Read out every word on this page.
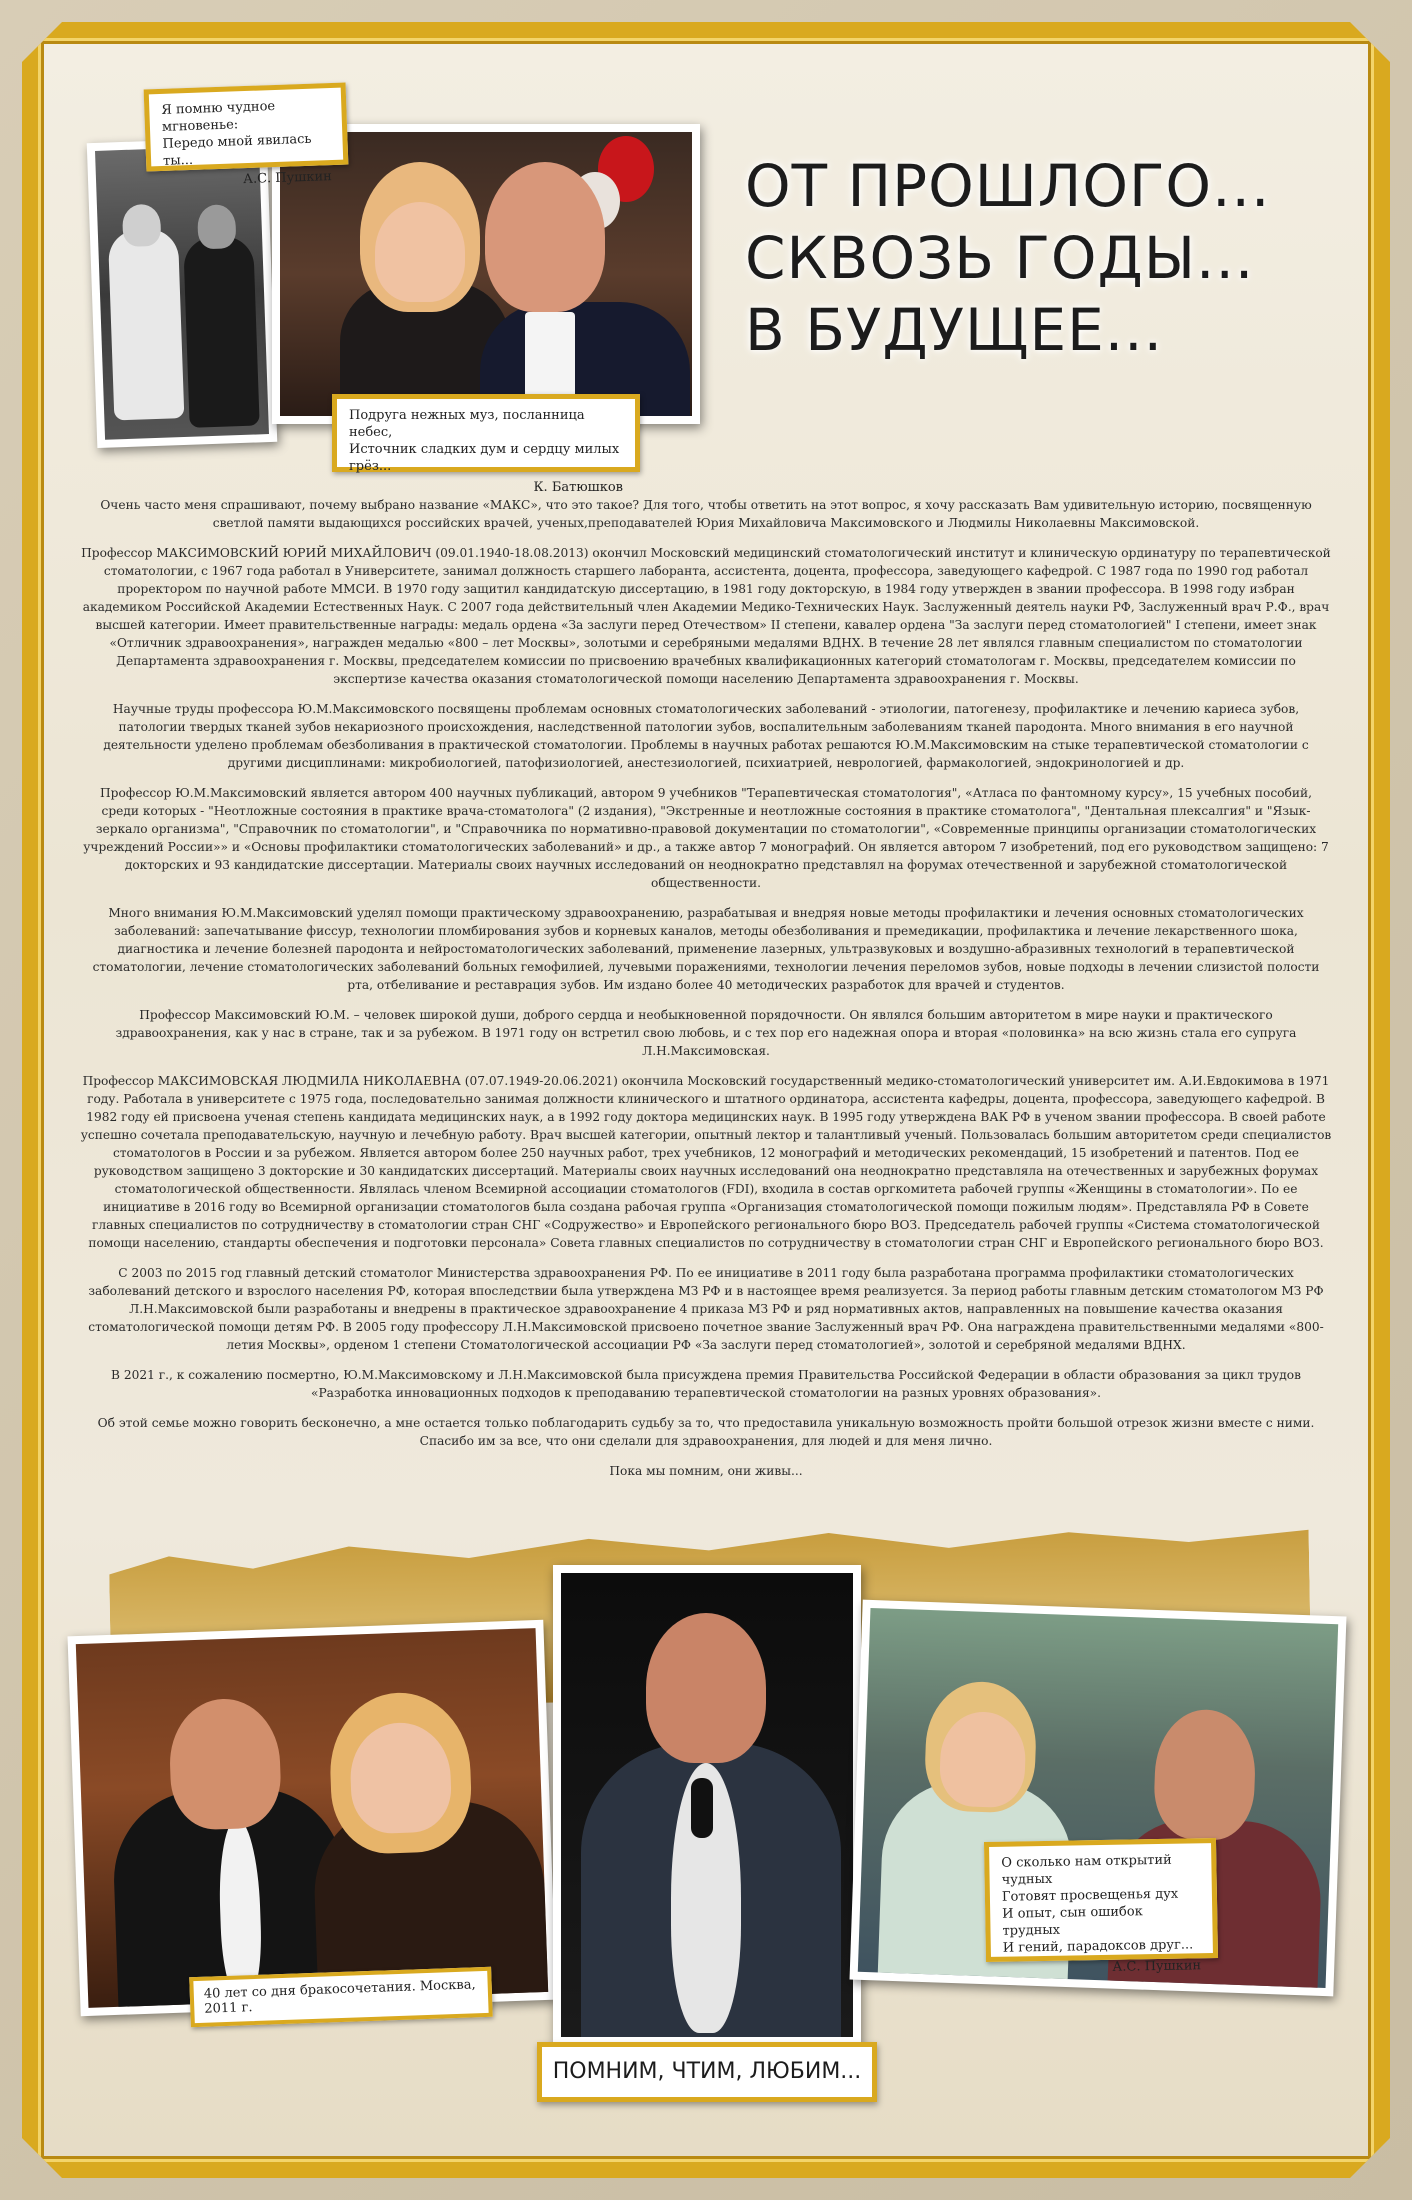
Я помню чудное мгновенье:
Передо мной явилась ты...
А.С. Пушкин
Подруга нежных муз, посланница небес,
Источник сладких дум и сердцу милых грёз...
К. Батюшков
ОТ ПРОШЛОГО...
СКВОЗЬ ГОДЫ...
В БУДУЩЕЕ...

Очень часто меня спрашивают, почему выбрано название «МАКС», что это такое? Для того, чтобы ответить на этот вопрос, я хочу рассказать Вам удивительную историю, посвященную светлой памяти выдающихся российских врачей, ученых,преподавателей Юрия Михайловича Максимовского и Людмилы Николаевны Максимовской.

Профессор МАКСИМОВСКИЙ ЮРИЙ МИХАЙЛОВИЧ (09.01.1940-18.08.2013) окончил Московский медицинский стоматологический институт и клиническую ординатуру по терапевтической стоматологии, с 1967 года работал в Университете, занимал должность старшего лаборанта, ассистента, доцента, профессора, заведующего кафедрой. С 1987 года по 1990 год работал проректором по научной работе ММСИ. В 1970 году защитил кандидатскую диссертацию, в 1981 году докторскую, в 1984 году утвержден в звании профессора. В 1998 году избран академиком Российской Академии Естественных Наук. С 2007 года действительный член Академии Медико-Технических Наук. Заслуженный деятель науки РФ, Заслуженный врач Р.Ф., врач высшей категории. Имеет правительственные награды: медаль ордена «За заслуги перед Отечеством» II степени, кавалер ордена "За заслуги перед стоматологией" I степени, имеет знак «Отличник здравоохранения», награжден медалью «800 – лет Москвы», золотыми и серебряными медалями ВДНХ. В течение 28 лет являлся главным специалистом по стоматологии Департамента здравоохранения г. Москвы, председателем комиссии по присвоению врачебных квалификационных категорий стоматологам г. Москвы, председателем комиссии по экспертизе качества оказания стоматологической помощи населению Департамента здравоохранения г. Москвы.

Научные труды профессора Ю.М.Максимовского посвящены проблемам основных стоматологических заболеваний - этиологии, патогенезу, профилактике и лечению кариеса зубов, патологии твердых тканей зубов некариозного происхождения, наследственной патологии зубов, воспалительным заболеваниям тканей пародонта. Много внимания в его научной деятельности уделено проблемам обезболивания в практической стоматологии. Проблемы в научных работах решаются Ю.М.Максимовским на стыке терапевтической стоматологии с другими дисциплинами: микробиологией, патофизиологией, анестезиологией, психиатрией, неврологией, фармакологией, эндокринологией и др.

Профессор Ю.М.Максимовский является автором 400 научных публикаций, автором 9 учебников "Терапевтическая стоматология", «Атласа по фантомному курсу», 15 учебных пособий, среди которых - "Неотложные состояния в практике врача-стоматолога" (2 издания), "Экстренные и неотложные состояния в практике стоматолога", "Дентальная плексалгия" и "Язык-зеркало организма", "Справочник по стоматологии", и "Справочника по нормативно-правовой документации по стоматологии", «Современные принципы организации стоматологических учреждений России»» и «Основы профилактики стоматологических заболеваний» и др., а также автор 7 монографий. Он является автором 7 изобретений, под его руководством защищено: 7 докторских и 93 кандидатские диссертации. Материалы своих научных исследований он неоднократно представлял на форумах отечественной и зарубежной стоматологической общественности.

Много внимания Ю.М.Максимовский уделял помощи практическому здравоохранению, разрабатывая и внедряя новые методы профилактики и лечения основных стоматологических заболеваний: запечатывание фиссур, технологии пломбирования зубов и корневых каналов, методы обезболивания и премедикации, профилактика и лечение лекарственного шока, диагностика и лечение болезней пародонта и нейростоматологических заболеваний, применение лазерных, ультразвуковых и воздушно-абразивных технологий в терапевтической стоматологии, лечение стоматологических заболеваний больных гемофилией, лучевыми поражениями, технологии лечения переломов зубов, новые подходы в лечении слизистой полости рта, отбеливание и реставрация зубов. Им издано более 40 методических разработок для врачей и студентов.

Профессор Максимовский Ю.М. – человек широкой души, доброго сердца и необыкновенной порядочности. Он являлся большим авторитетом в мире науки и практического здравоохранения, как у нас в стране, так и за рубежом. В 1971 году он встретил свою любовь, и с тех пор его надежная опора и вторая «половинка» на всю жизнь стала его супруга Л.Н.Максимовская.

Профессор МАКСИМОВСКАЯ ЛЮДМИЛА НИКОЛАЕВНА (07.07.1949-20.06.2021) окончила Московский государственный медико-стоматологический университет им. А.И.Евдокимова в 1971 году. Работала в университете с 1975 года, последовательно занимая должности клинического и штатного ординатора, ассистента кафедры, доцента, профессора, заведующего кафедрой. В 1982 году ей присвоена ученая степень кандидата медицинских наук, а в 1992 году доктора медицинских наук. В 1995 году утверждена ВАК РФ в ученом звании профессора. В своей работе успешно сочетала преподавательскую, научную и лечебную работу. Врач высшей категории, опытный лектор и талантливый ученый. Пользовалась большим авторитетом среди специалистов стоматологов в России и за рубежом. Является автором более 250 научных работ, трех учебников, 12 монографий и методических рекомендаций, 15 изобретений и патентов. Под ее руководством защищено 3 докторские и 30 кандидатских диссертаций. Материалы своих научных исследований она неоднократно представляла на отечественных и зарубежных форумах стоматологической общественности. Являлась членом Всемирной ассоциации стоматологов (FDI), входила в состав оргкомитета рабочей группы «Женщины в стоматологии». По ее инициативе в 2016 году во Всемирной организации стоматологов была создана рабочая группа «Организация стоматологической помощи пожилым людям». Представляла РФ в Совете главных специалистов по сотрудничеству в стоматологии стран СНГ «Содружество» и Европейского регионального бюро ВОЗ. Председатель рабочей группы «Система стоматологической помощи населению, стандарты обеспечения и подготовки персонала» Совета главных специалистов по сотрудничеству в стоматологии стран СНГ и Европейского регионального бюро ВОЗ.

С 2003 по 2015 год главный детский стоматолог Министерства здравоохранения РФ. По ее инициативе в 2011 году была разработана программа профилактики стоматологических заболеваний детского и взрослого населения РФ, которая впоследствии была утверждена МЗ РФ и в настоящее время реализуется. За период работы главным детским стоматологом МЗ РФ Л.Н.Максимовской были разработаны и внедрены в практическое здравоохранение 4 приказа МЗ РФ и ряд нормативных актов, направленных на повышение качества оказания стоматологической помощи детям РФ. В 2005 году профессору Л.Н.Максимовской присвоено почетное звание Заслуженный врач РФ. Она награждена правительственными медалями «800-летия Москвы», орденом 1 степени Стоматологической ассоциации РФ «За заслуги перед стоматологией», золотой и серебряной медалями ВДНХ.

В 2021 г., к сожалению посмертно, Ю.М.Максимовскому и Л.Н.Максимовской была присуждена премия Правительства Российской Федерации в области образования за цикл трудов «Разработка инновационных подходов к преподаванию терапевтической стоматологии на разных уровнях образования».

Об этой семье можно говорить бесконечно, а мне остается только поблагодарить судьбу за то, что предоставила уникальную возможность пройти большой отрезок жизни вместе с ними. Спасибо им за все, что они сделали для здравоохранения, для людей и для меня лично.

Пока мы помним, они живы...

40 лет со дня бракосочетания. Москва, 2011 г.
О сколько нам открытий чудных
Готовят просвещенья дух
И опыт, сын ошибок трудных
И гений, парадоксов друг...
А.С. Пушкин
ПОМНИМ, ЧТИМ, ЛЮБИМ...
